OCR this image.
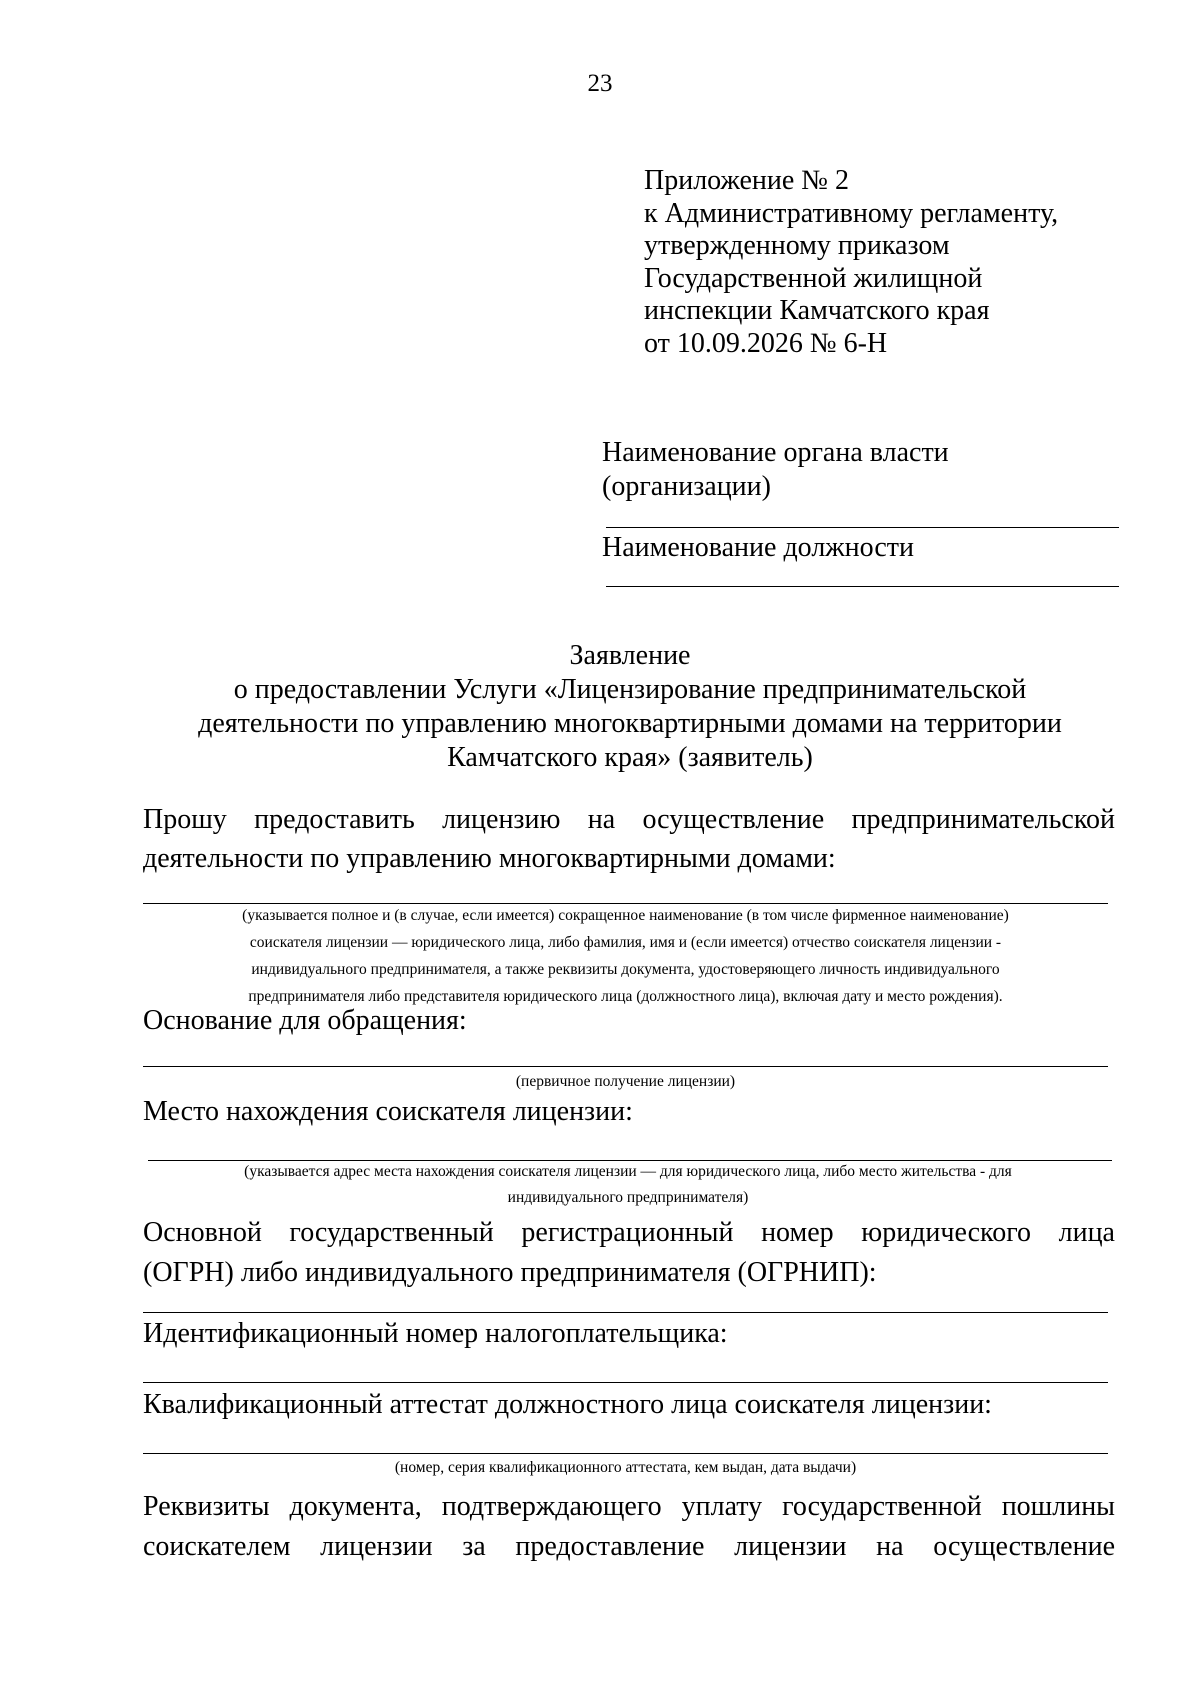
23
Приложение № 2
к Административному регламенту,
утвержденному приказом
Государственной жилищной
инспекции Камчатского края
от 10.09.2026 № 6-Н
Наименование органа власти
(организации)
Наименование должности
Заявление
о предоставлении Услуги «Лицензирование предпринимательской
деятельности по управлению многоквартирными домами на территории
Камчатского края» (заявитель)
Прошу предоставить лицензию на осуществление предпринимательской
деятельности по управлению многоквартирными домами:
(указывается полное и (в случае, если имеется) сокращенное наименование (в том числе фирменное наименование)
соискателя лицензии — юридического лица, либо фамилия, имя и (если имеется) отчество соискателя лицензии -
индивидуального предпринимателя, а также реквизиты документа, удостоверяющего личность индивидуального
предпринимателя либо представителя юридического лица (должностного лица), включая дату и место рождения).
Основание для обращения:
(первичное получение лицензии)
Место нахождения соискателя лицензии:
(указывается адрес места нахождения соискателя лицензии — для юридического лица, либо место жительства - для
индивидуального предпринимателя)
Основной государственный регистрационный номер юридического лица
(ОГРН) либо индивидуального предпринимателя (ОГРНИП):
Идентификационный номер налогоплательщика:
Квалификационный аттестат должностного лица соискателя лицензии:
(номер, серия квалификационного аттестата, кем выдан, дата выдачи)
Реквизиты документа, подтверждающего уплату государственной пошлины
соискателем лицензии за предоставление лицензии на осуществление
